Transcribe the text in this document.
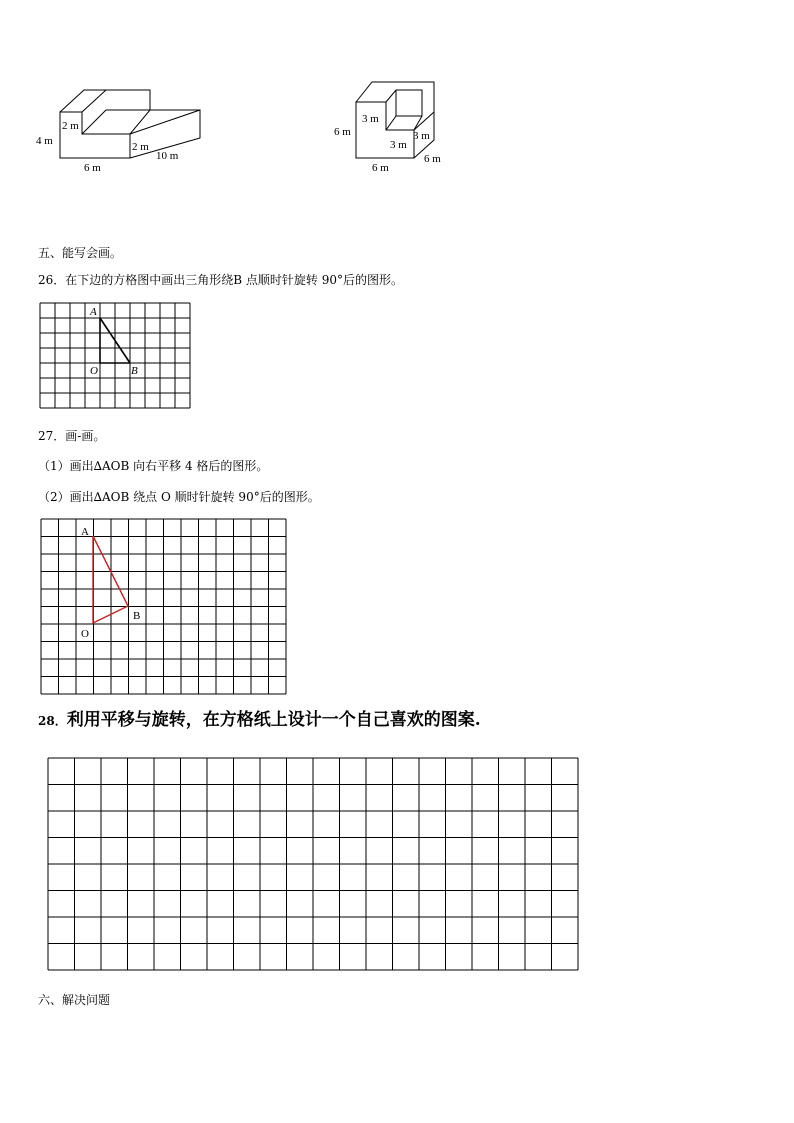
4 m
2 m
2 m
6 m
10 m
6 m
3 m
3 m
3 m
6 m
6 m
五、能写会画。
26．在下边的方格图中画出三角形绕B 点顺时针旋转 90°后的图形。
A
O	B
27．画-画。
（1）画出∆AOB 向右平移 4 格后的图形。
（2）画出∆AOB 绕点 O 顺时针旋转 90°后的图形。
A
O
B
28．利用平移与旋转，在方格纸上设计一个自己喜欢的图案.
六、解决问题
